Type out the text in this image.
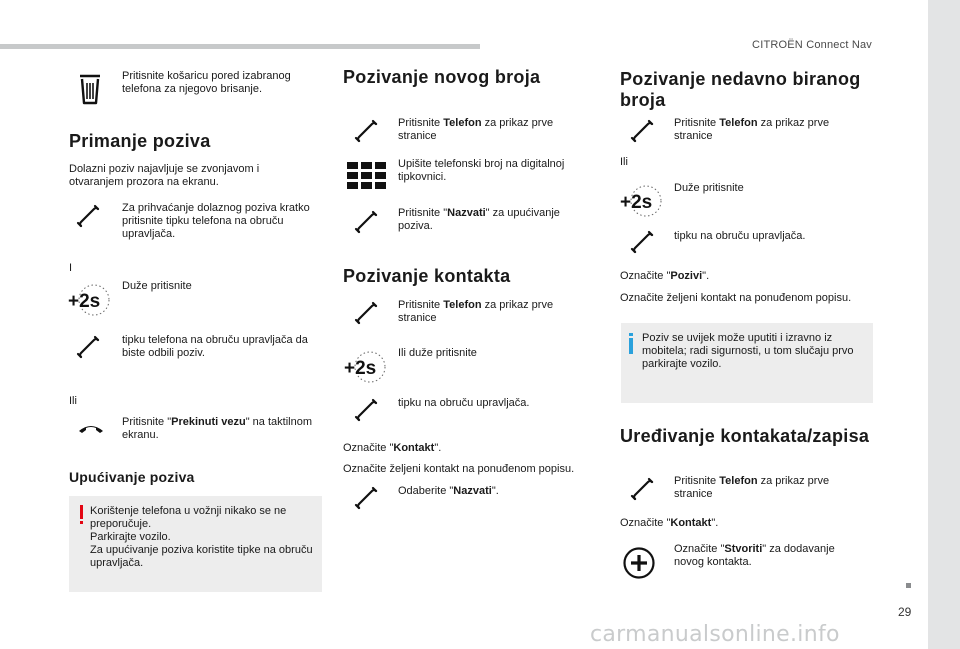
CITROËN Connect Nav
29
carmanualsonline.info
Pritisnite košaricu pored izabranog telefona za njegovo brisanje.
Primanje poziva
Dolazni poziv najavljuje se zvonjavom i otvaranjem prozora na ekranu.
Za prihvaćanje dolaznog poziva kratko pritisnite tipku telefona na obruču upravljača.
I
+2s
Duže pritisnite
tipku telefona na obruču upravljača da biste odbili poziv.
Ili
Pritisnite "Prekinuti vezu" na taktilnom ekranu.
Upućivanje poziva
Korištenje telefona u vožnji nikako se ne preporučuje.
Parkirajte vozilo.
Za upućivanje poziva koristite tipke na obruču upravljača.
Pozivanje novog broja
Pritisnite Telefon za prikaz prve stranice
Upišite telefonski broj na digitalnoj tipkovnici.
Pritisnite "Nazvati" za upućivanje poziva.
Pozivanje kontakta
Pritisnite Telefon za prikaz prve stranice
+2s
Ili duže pritisnite
tipku na obruču upravljača.
Označite "Kontakt".
Označite željeni kontakt na ponuđenom popisu.
Odaberite "Nazvati".
Pozivanje nedavno biranog broja
Pritisnite Telefon za prikaz prve stranice
Ili
+2s
Duže pritisnite
tipku na obruču upravljača.
Označite "Pozivi".
Označite željeni kontakt na ponuđenom popisu.
Poziv se uvijek može uputiti i izravno iz mobitela; radi sigurnosti, u tom slučaju prvo parkirajte vozilo.
Uređivanje kontakata/zapisa
Pritisnite Telefon za prikaz prve stranice
Označite "Kontakt".
Označite "Stvoriti" za dodavanje novog kontakta.
